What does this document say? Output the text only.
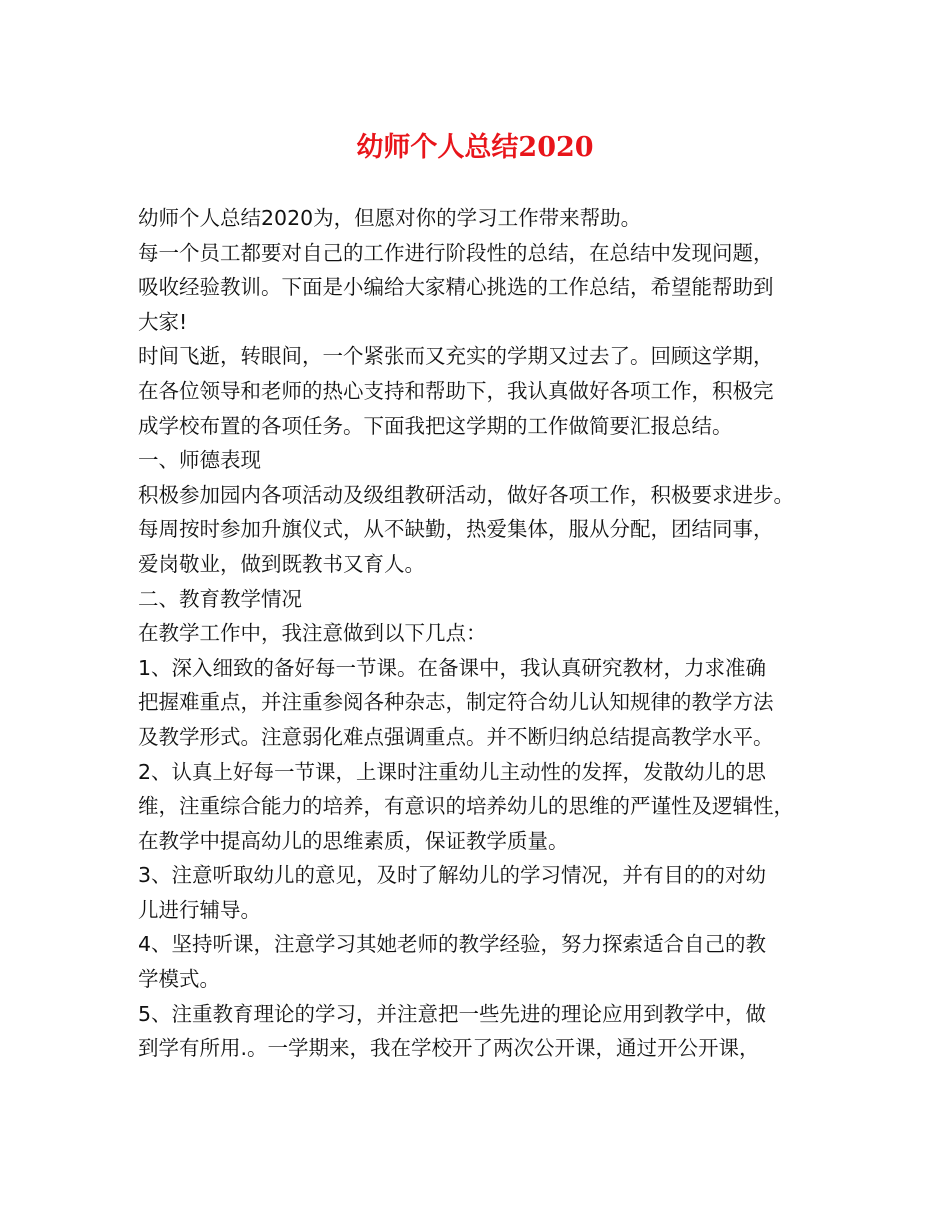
幼师个人总结2020
幼师个人总结2020为，但愿对你的学习工作带来帮助。
每一个员工都要对自己的工作进行阶段性的总结，在总结中发现问题，
吸收经验教训。下面是小编给大家精心挑选的工作总结，希望能帮助到
大家!
时间飞逝，转眼间，一个紧张而又充实的学期又过去了。回顾这学期，
在各位领导和老师的热心支持和帮助下，我认真做好各项工作，积极完
成学校布置的各项任务。下面我把这学期的工作做简要汇报总结。
一、师德表现
积极参加园内各项活动及级组教研活动，做好各项工作，积极要求进步。
每周按时参加升旗仪式，从不缺勤，热爱集体，服从分配，团结同事，
爱岗敬业，做到既教书又育人。
二、教育教学情况
在教学工作中，我注意做到以下几点：
1、深入细致的备好每一节课。在备课中，我认真研究教材，力求准确
把握难重点，并注重参阅各种杂志，制定符合幼儿认知规律的教学方法
及教学形式。注意弱化难点强调重点。并不断归纳总结提高教学水平。
2、认真上好每一节课，上课时注重幼儿主动性的发挥，发散幼儿的思
维，注重综合能力的培养，有意识的培养幼儿的思维的严谨性及逻辑性，
在教学中提高幼儿的思维素质，保证教学质量。
3、注意听取幼儿的意见，及时了解幼儿的学习情况，并有目的的对幼
儿进行辅导。
4、坚持听课，注意学习其她老师的教学经验，努力探索适合自己的教
学模式。
5、注重教育理论的学习，并注意把一些先进的理论应用到教学中，做
到学有所用.。一学期来，我在学校开了两次公开课，通过开公开课，
